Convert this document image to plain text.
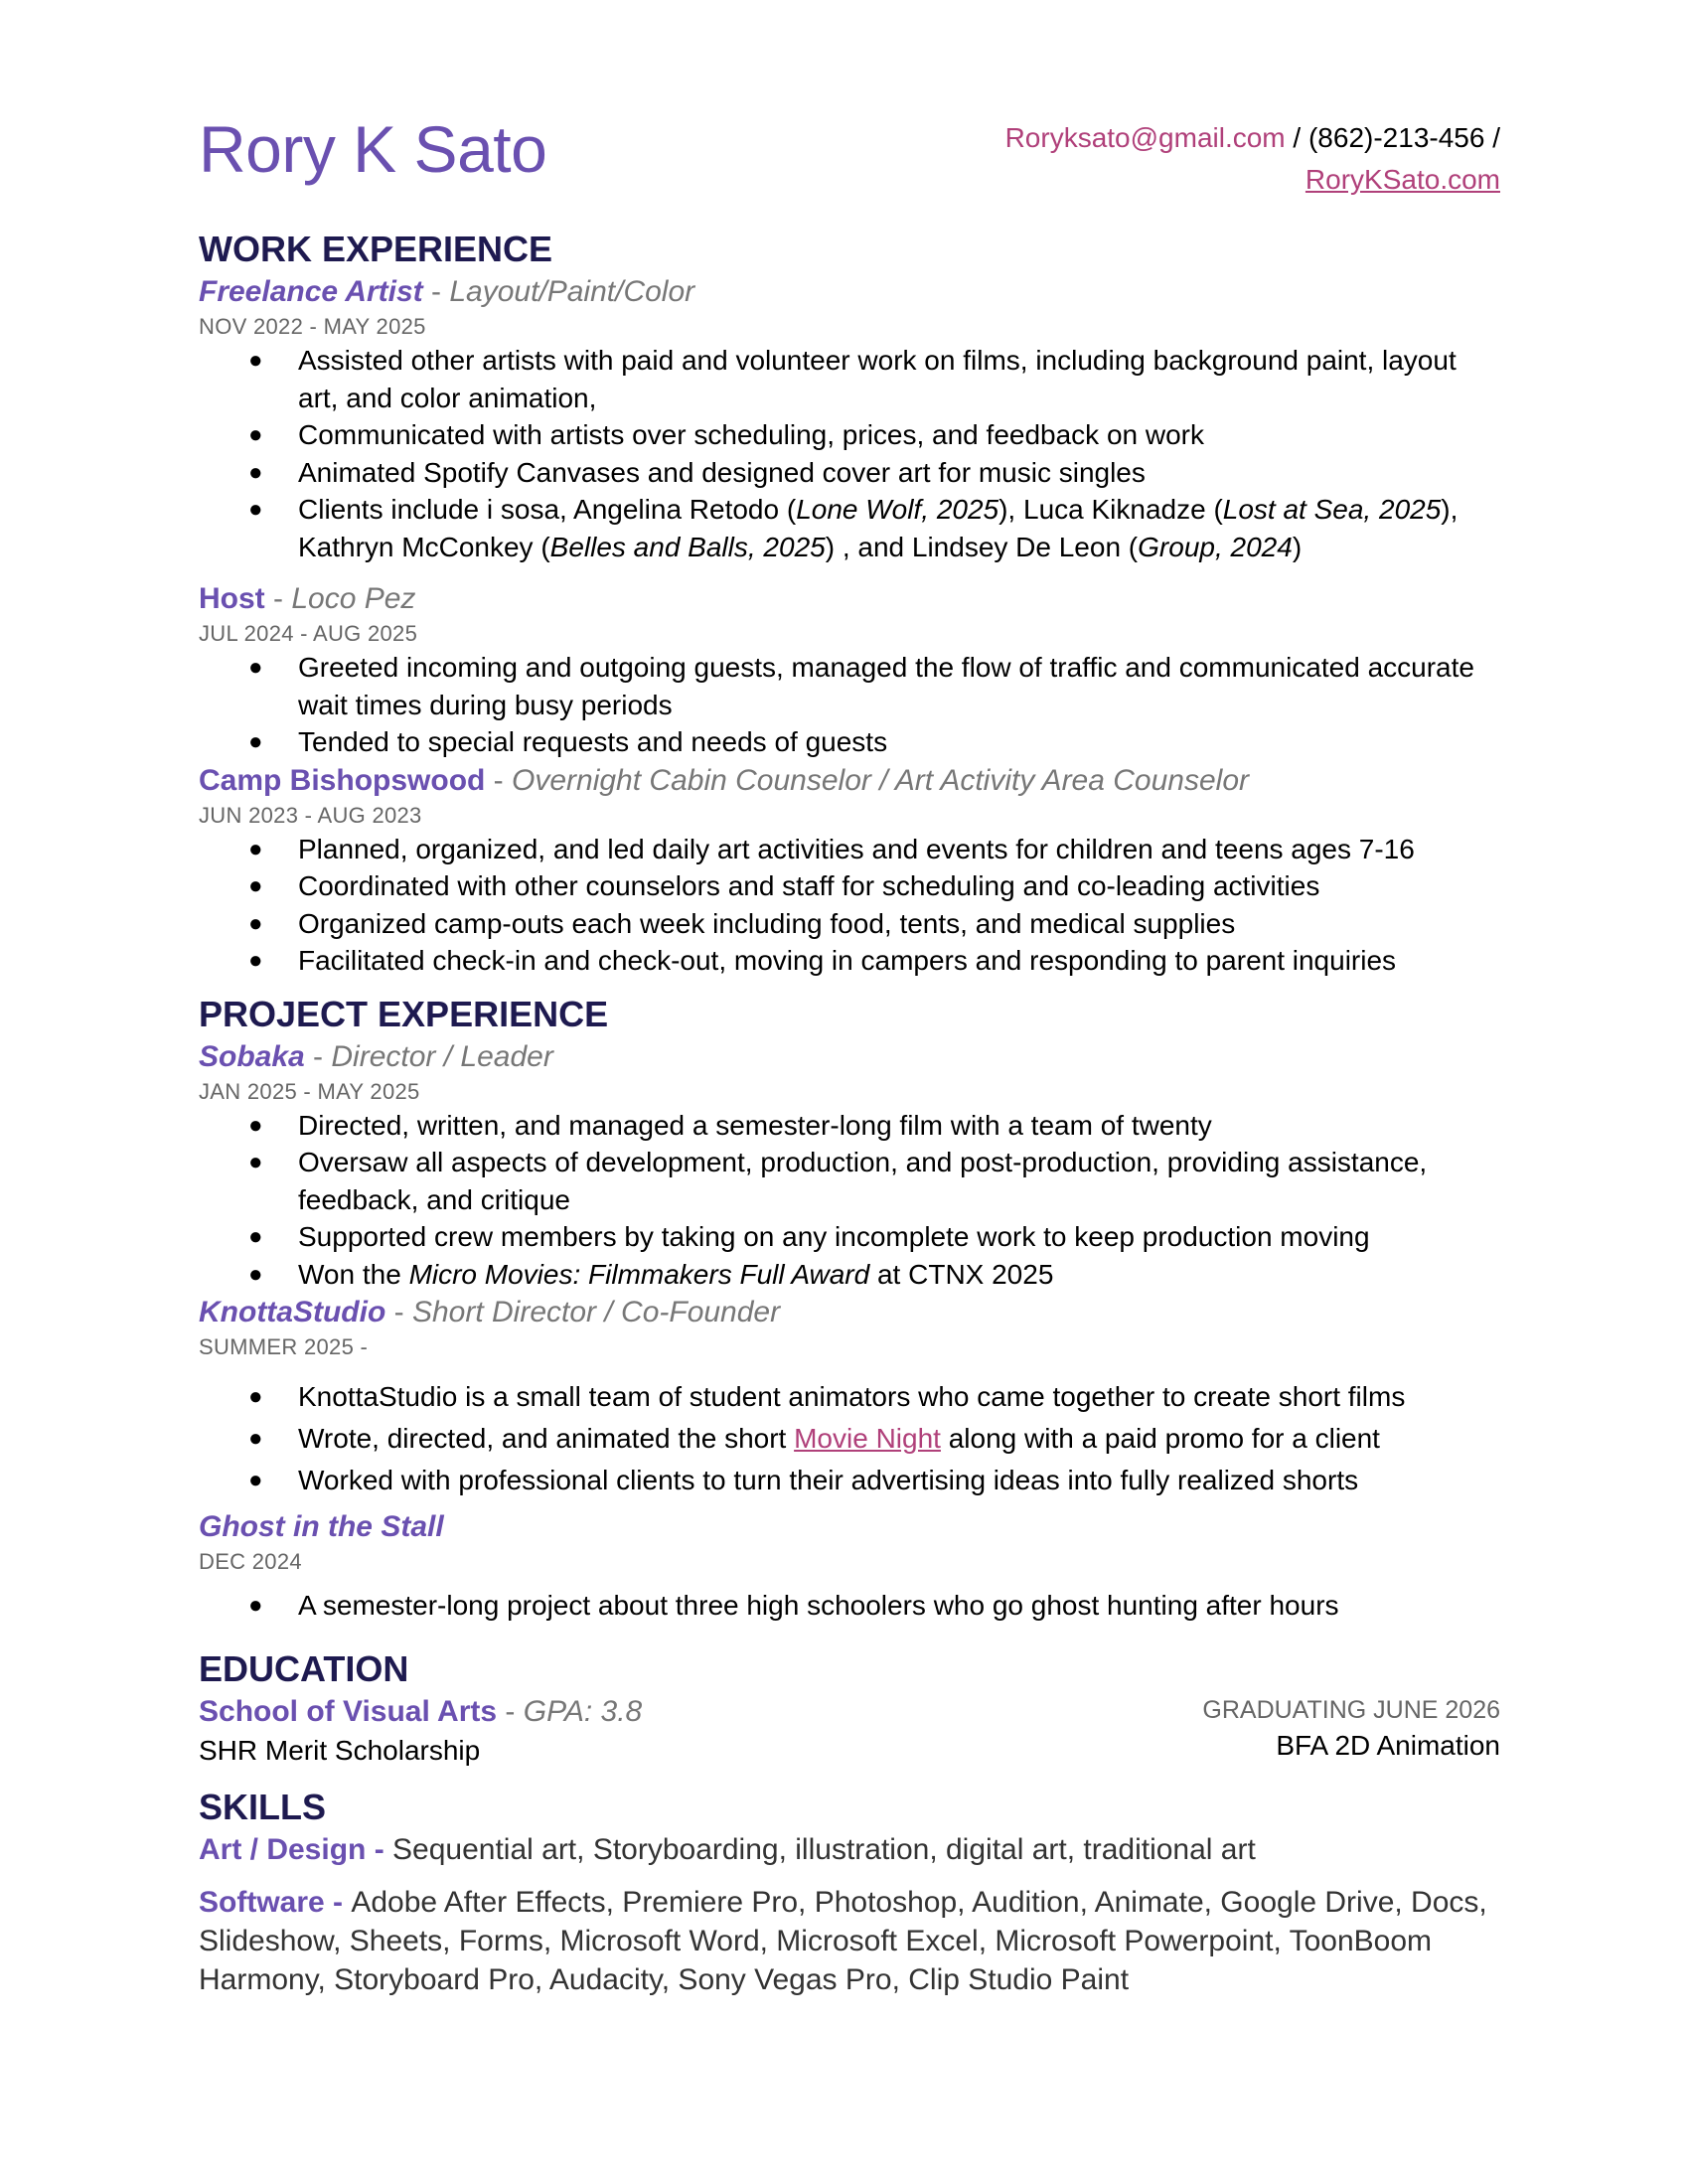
Rory K Sato	Roryksato@gmail.com / (862)-213-456 /
RoryKSato.com
WORK EXPERIENCE
Freelance Artist - Layout/Paint/Color
NOV 2022 - MAY 2025
● Assisted other artists with paid and volunteer work on films, including background paint, layout art, and color animation,
● Communicated with artists over scheduling, prices, and feedback on work
● Animated Spotify Canvases and designed cover art for music singles
● Clients include i sosa, Angelina Retodo (Lone Wolf, 2025), Luca Kiknadze (Lost at Sea, 2025), Kathryn McConkey (Belles and Balls, 2025) , and Lindsey De Leon (Group, 2024)
Host - Loco Pez
JUL 2024 - AUG 2025
● Greeted incoming and outgoing guests, managed the flow of traffic and communicated accurate wait times during busy periods
● Tended to special requests and needs of guests
Camp Bishopswood - Overnight Cabin Counselor / Art Activity Area Counselor
JUN 2023 - AUG 2023
● Planned, organized, and led daily art activities and events for children and teens ages 7-16
● Coordinated with other counselors and staff for scheduling and co-leading activities
● Organized camp-outs each week including food, tents, and medical supplies
● Facilitated check-in and check-out, moving in campers and responding to parent inquiries
PROJECT EXPERIENCE
Sobaka - Director / Leader
JAN 2025 - MAY 2025
● Directed, written, and managed a semester-long film with a team of twenty
● Oversaw all aspects of development, production, and post-production, providing assistance, feedback, and critique
● Supported crew members by taking on any incomplete work to keep production moving
● Won the Micro Movies: Filmmakers Full Award at CTNX 2025
KnottaStudio - Short Director / Co-Founder
SUMMER 2025 -
● KnottaStudio is a small team of student animators who came together to create short films
● Wrote, directed, and animated the short Movie Night along with a paid promo for a client
● Worked with professional clients to turn their advertising ideas into fully realized shorts
Ghost in the Stall
DEC 2024
● A semester-long project about three high schoolers who go ghost hunting after hours
EDUCATION
School of Visual Arts - GPA: 3.8
SHR Merit Scholarship
GRADUATING JUNE 2026
BFA 2D Animation
SKILLS
Art / Design - Sequential art, Storyboarding, illustration, digital art, traditional art
Software - Adobe After Effects, Premiere Pro, Photoshop, Audition, Animate, Google Drive, Docs, Slideshow, Sheets, Forms, Microsoft Word, Microsoft Excel, Microsoft Powerpoint, ToonBoom Harmony, Storyboard Pro, Audacity, Sony Vegas Pro, Clip Studio Paint
